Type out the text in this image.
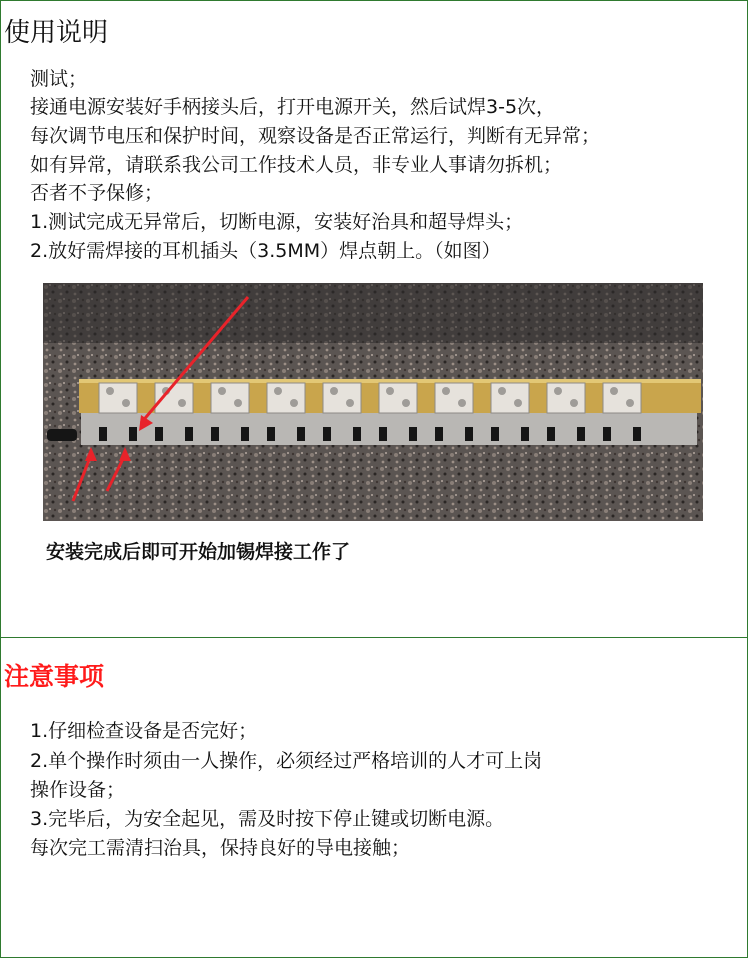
使用说明
测试；
接通电源安装好手柄接头后，打开电源开关，然后试焊3-5次，
每次调节电压和保护时间，观察设备是否正常运行，判断有无异常；
如有异常，请联系我公司工作技术人员，非专业人事请勿拆机；
否者不予保修；
1.测试完成无异常后，切断电源，安装好治具和超导焊头；
2.放好需焊接的耳机插头（3.5MM）焊点朝上。（如图）
安装完成后即可开始加锡焊接工作了
注意事项
1.仔细检查设备是否完好；
2.单个操作时须由一人操作，必须经过严格培训的人才可上岗
操作设备；
3.完毕后，为安全起见，需及时按下停止键或切断电源。
每次完工需清扫治具，保持良好的导电接触；
